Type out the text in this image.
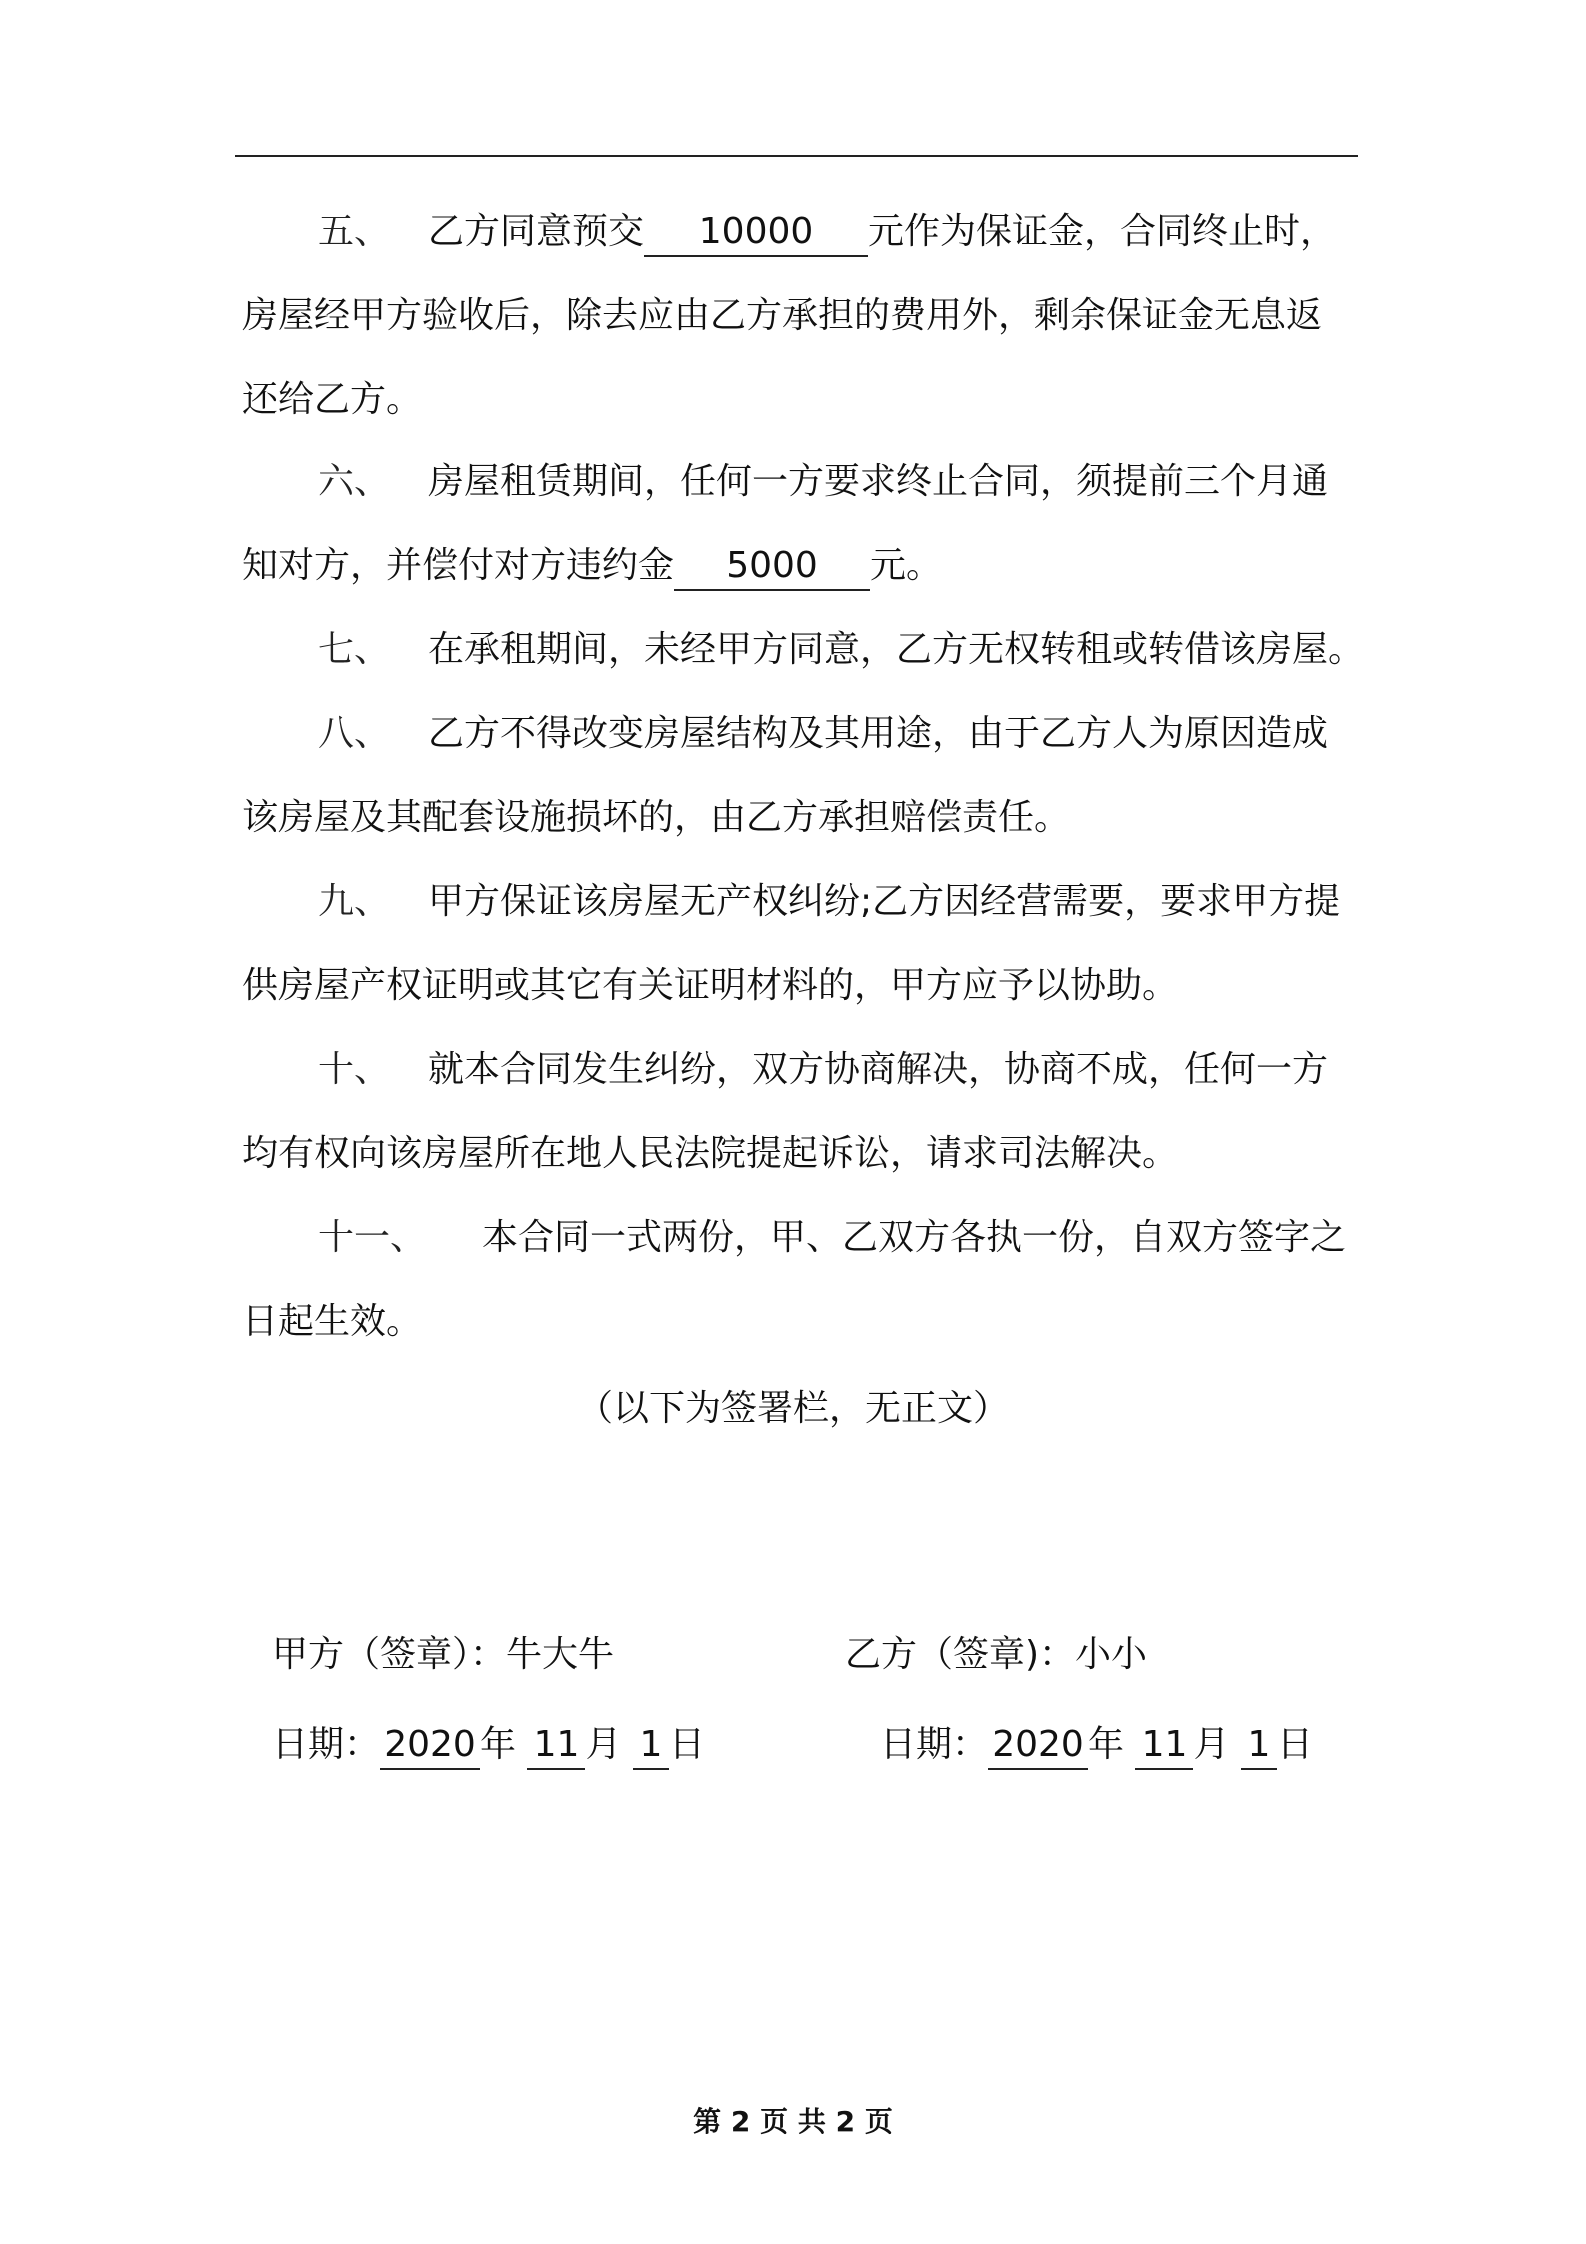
五、 乙方同意预交 10000 元作为保证金，合同终止时，
房屋经甲方验收后，除去应由乙方承担的费用外，剩余保证金无息返
还给乙方。
六、 房屋租赁期间，任何一方要求终止合同，须提前三个月通
知对方，并偿付对方违约金 5000 元。
七、 在承租期间，未经甲方同意，乙方无权转租或转借该房屋。
八、 乙方不得改变房屋结构及其用途，由于乙方人为原因造成
该房屋及其配套设施损坏的，由乙方承担赔偿责任。
九、 甲方保证该房屋无产权纠纷;乙方因经营需要，要求甲方提
供房屋产权证明或其它有关证明材料的，甲方应予以协助。
十、 就本合同发生纠纷，双方协商解决，协商不成，任何一方
均有权向该房屋所在地人民法院提起诉讼，请求司法解决。
十一、 本合同一式两份，甲、乙双方各执一份，自双方签字之
日起生效。
（以下为签署栏，无正文）
甲方（签章）：牛大牛	乙方（签章)：小小
日期： 2020 年 11 月 1 日	日期： 2020 年 11 月 1 日
第 2 页 共 2 页
